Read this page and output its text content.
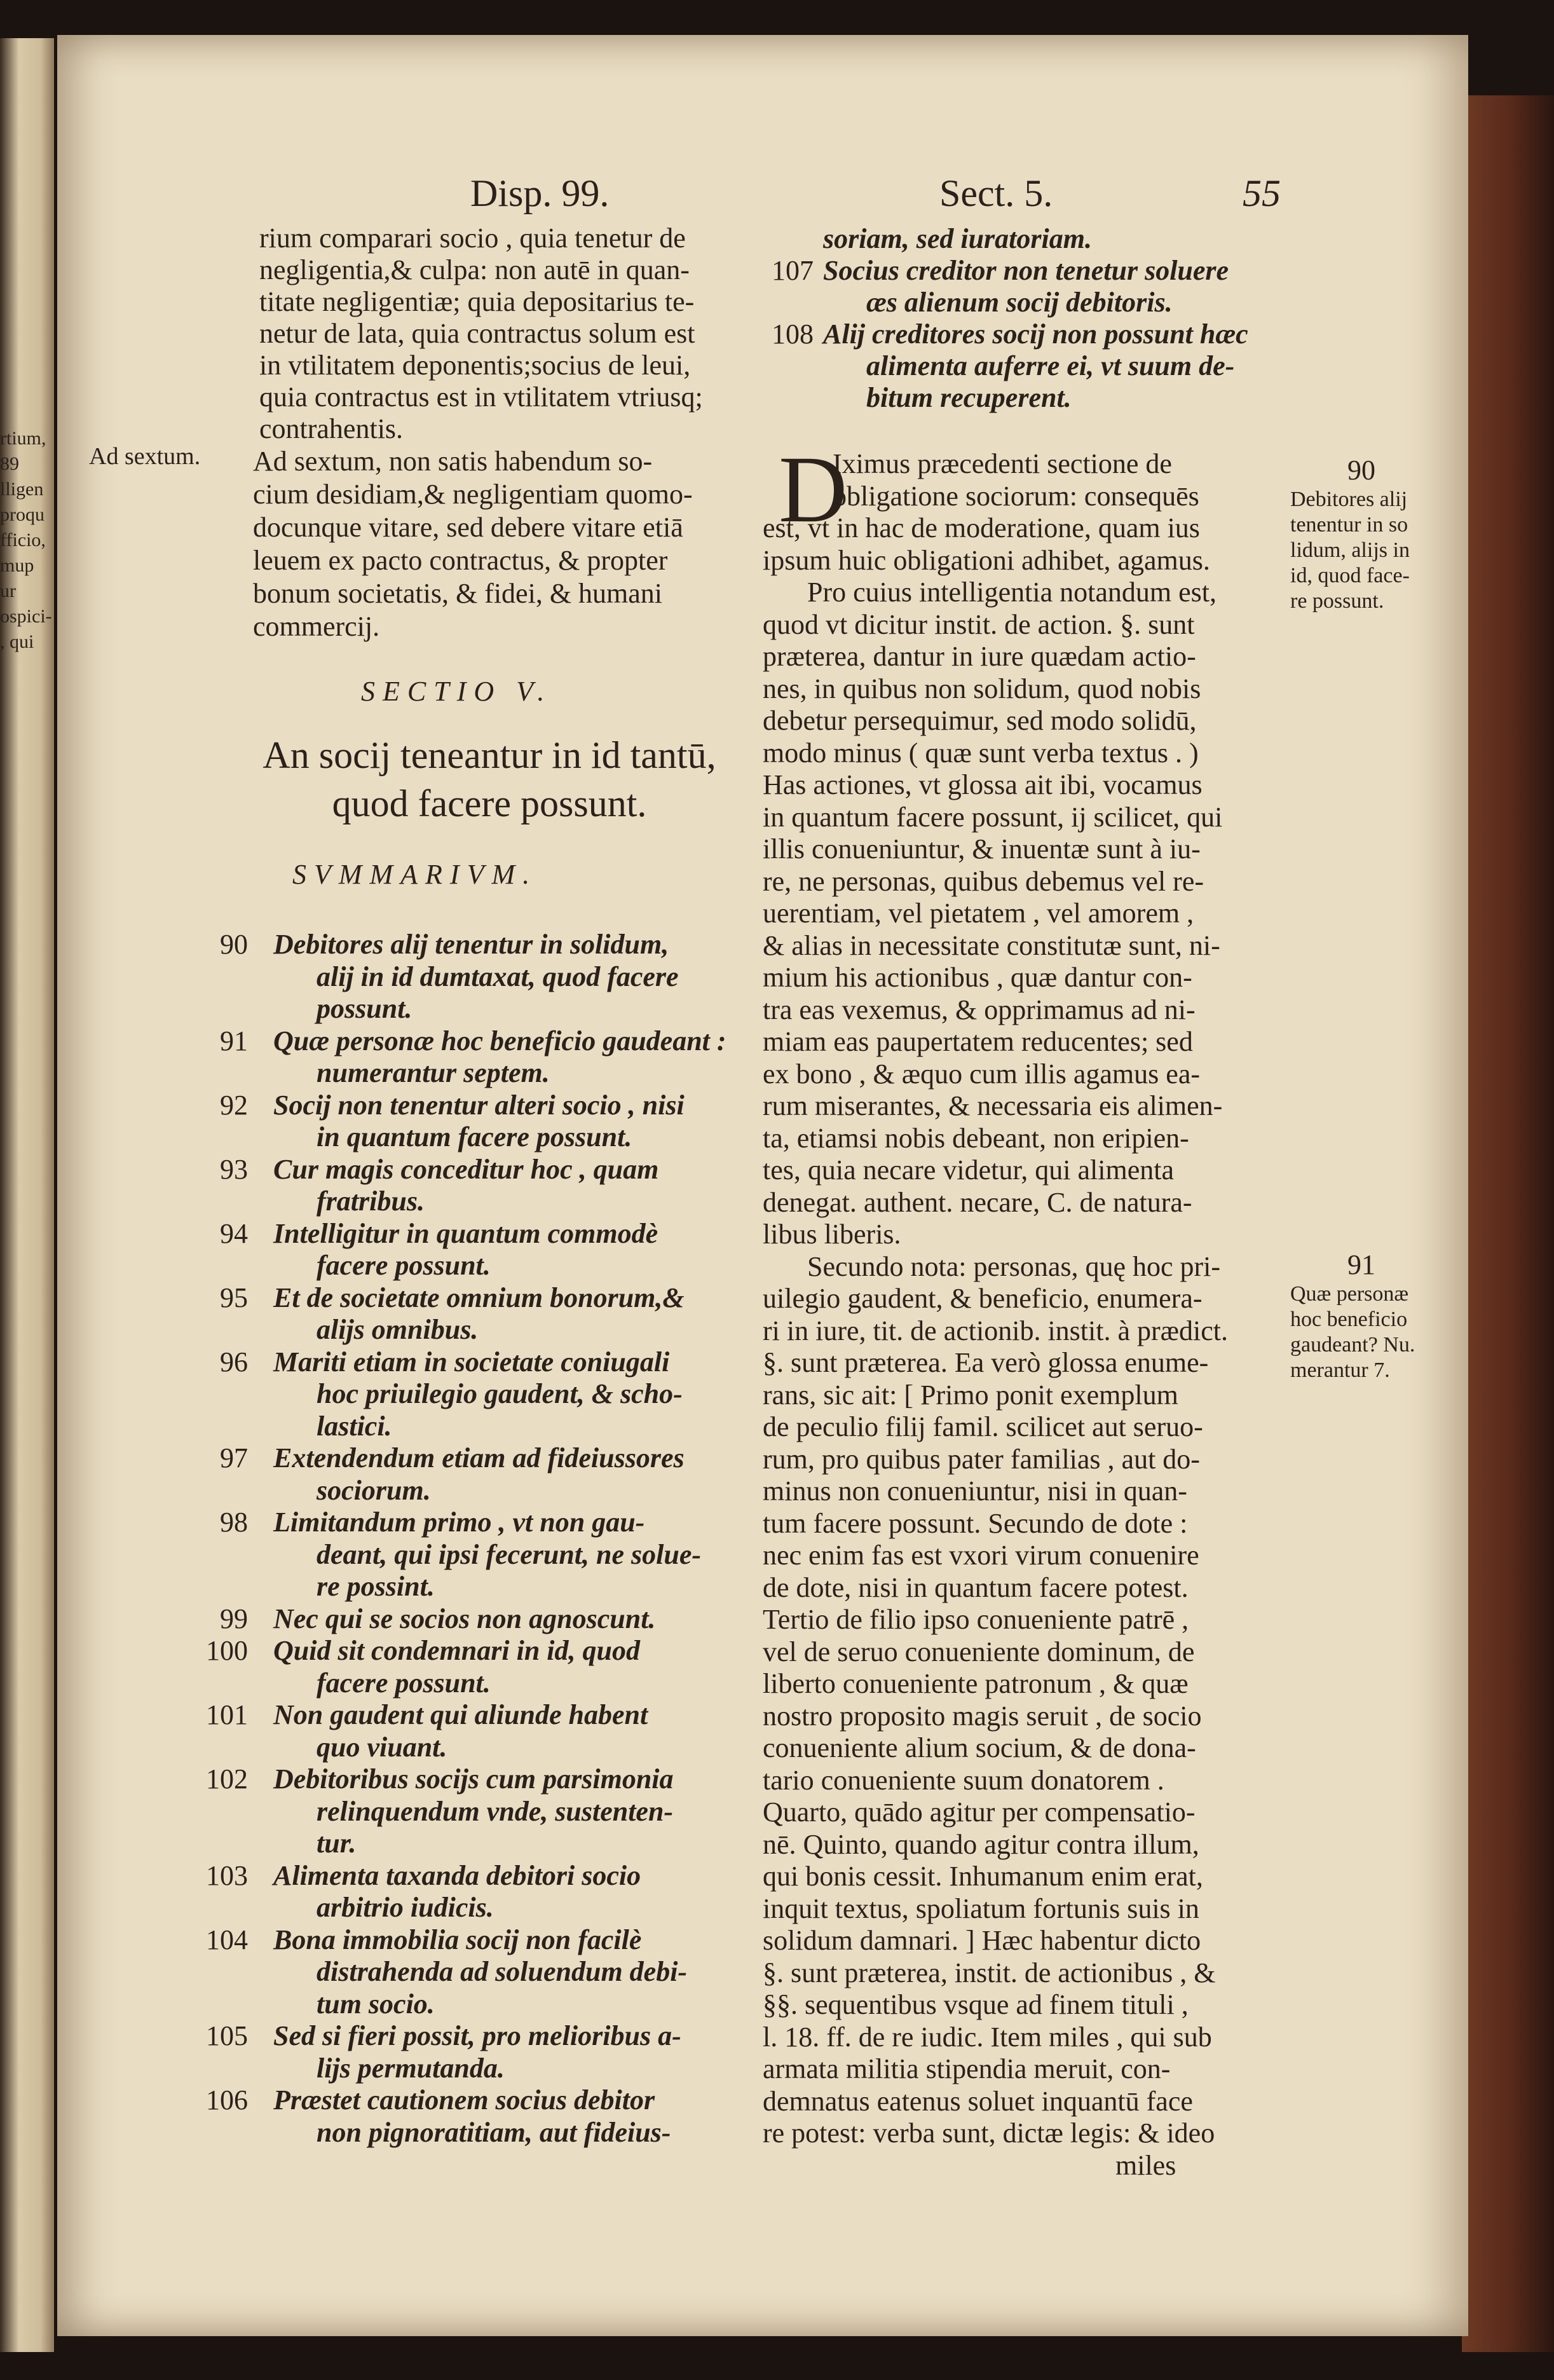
rtium,
89
lligen
proqu
fficio,
mup
ur
ospici-
, qui
Disp. 99.	Sect. 5.	55
rium comparari socio , quia tenetur de
negligentia,& culpa: non autē in quan-
titate negligentiæ; quia depositarius te-
netur de lata, quia contractus solum est
in vtilitatem deponentis;socius de leui,
quia contractus est in vtilitatem vtriusq;
contrahentis.
Ad sextum. Ad sextum, non satis habendum so-
cium desidiam,& negligentiam quomo-
docunque vitare, sed debere vitare etiā
leuem ex pacto contractus, & propter
bonum societatis, & fidei, & humani
commercij.
SECTIO V.
An socij teneantur in id tantū,
quod facere possunt.
SVMMARIVM.
90 Debitores alij tenentur in solidum,
alij in id dumtaxat, quod facere
possunt.
91 Quæ personæ hoc beneficio gaudeant :
numerantur septem.
92 Socij non tenentur alteri socio , nisi
in quantum facere possunt.
93 Cur magis conceditur hoc , quam
fratribus.
94 Intelligitur in quantum commodè
facere possunt.
95 Et de societate omnium bonorum,&
alijs omnibus.
96 Mariti etiam in societate coniugali
hoc priuilegio gaudent, & scho-
lastici.
97 Extendendum etiam ad fideiussores
sociorum.
98 Limitandum primo , vt non gau-
deant, qui ipsi fecerunt, ne solue-
re possint.
99 Nec qui se socios non agnoscunt.
100 Quid sit condemnari in id, quod
facere possunt.
101 Non gaudent qui aliunde habent
quo viuant.
102 Debitoribus socijs cum parsimonia
relinquendum vnde, sustenten-
tur.
103 Alimenta taxanda debitori socio
arbitrio iudicis.
104 Bona immobilia socij non facilè
distrahenda ad soluendum debi-
tum socio.
105 Sed si fieri possit, pro melioribus a-
lijs permutanda.
106 Præstet cautionem socius debitor
non pignoratitiam, aut fideius-
soriam, sed iuratoriam.
107 Socius creditor non tenetur soluere
æs alienum socij debitoris.
108 Alij creditores socij non possunt hæc
alimenta auferre ei, vt suum de-
bitum recuperent.
D
Iximus præcedenti sectione de
obligatione sociorum: consequēs
est, vt in hac de moderatione, quam ius
ipsum huic obligationi adhibet, agamus.
Pro cuius intelligentia notandum est,
quod vt dicitur instit. de action. §. sunt
præterea, dantur in iure quædam actio-
nes, in quibus non solidum, quod nobis
debetur persequimur, sed modo solidū,
modo minus ( quæ sunt verba textus . )
Has actiones, vt glossa ait ibi, vocamus
in quantum facere possunt, ij scilicet, qui
illis conueniuntur, & inuentæ sunt à iu-
re, ne personas, quibus debemus vel re-
uerentiam, vel pietatem , vel amorem ,
& alias in necessitate constitutæ sunt, ni-
mium his actionibus , quæ dantur con-
tra eas vexemus, & opprimamus ad ni-
miam eas paupertatem reducentes; sed
ex bono , & æquo cum illis agamus ea-
rum miserantes, & necessaria eis alimen-
ta, etiamsi nobis debeant, non eripien-
tes, quia necare videtur, qui alimenta
denegat. authent. necare, C. de natura-
libus liberis.
Secundo nota: personas, quę hoc pri-
uilegio gaudent, & beneficio, enumera-
ri in iure, tit. de actionib. instit. à prædict.
§. sunt præterea. Ea verò glossa enume-
rans, sic ait: [ Primo ponit exemplum
de peculio filij famil. scilicet aut seruo-
rum, pro quibus pater familias , aut do-
minus non conueniuntur, nisi in quan-
tum facere possunt. Secundo de dote :
nec enim fas est vxori virum conuenire
de dote, nisi in quantum facere potest.
Tertio de filio ipso conueniente patrē ,
vel de seruo conueniente dominum, de
liberto conueniente patronum , & quæ
nostro proposito magis seruit , de socio
conueniente alium socium, & de dona-
tario conueniente suum donatorem .
Quarto, quādo agitur per compensatio-
nē. Quinto, quando agitur contra illum,
qui bonis cessit. Inhumanum enim erat,
inquit textus, spoliatum fortunis suis in
solidum damnari. ] Hæc habentur dicto
§. sunt præterea, instit. de actionibus , &
§§. sequentibus vsque ad finem tituli ,
l. 18. ff. de re iudic. Item miles , qui sub
armata militia stipendia meruit, con-
demnatus eatenus soluet inquantū face
re potest: verba sunt, dictæ legis: & ideo
miles
90
Debitores alij
tenentur in so
lidum, alijs in
id, quod face-
re possunt.
91
Quæ personæ
hoc beneficio
gaudeant? Nu.
merantur 7.
